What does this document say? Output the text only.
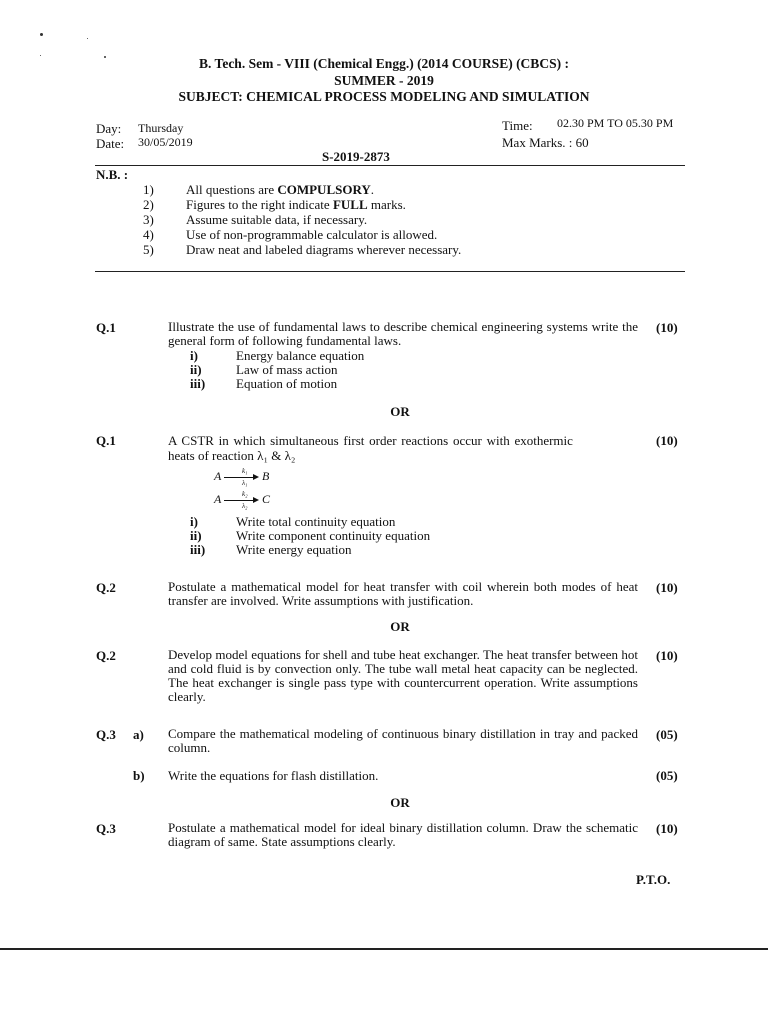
B. Tech. Sem - VIII (Chemical Engg.) (2014 COURSE) (CBCS) :
SUMMER - 2019
SUBJECT: CHEMICAL PROCESS MODELING AND SIMULATION
Day: Thursday
Date: 30/05/2019
Time: 02.30 PM TO 05.30 PM
Max Marks. : 60
S-2019-2873
N.B. :
1) All questions are COMPULSORY.
2) Figures to the right indicate FULL marks.
3) Assume suitable data, if necessary.
4) Use of non-programmable calculator is allowed.
5) Draw neat and labeled diagrams wherever necessary.
Q.1	Illustrate the use of fundamental laws to describe chemical engineering systems write the general form of following fundamental laws.
(10)
i)	Energy balance equation
ii)	Law of mass action
iii) Equation of motion
OR
Q.1	A CSTR in which simultaneous first order reactions occur with exothermic
heats of reaction λ₁ & λ₂
(10)
A	k₁
λ₁ B
A	k₂
λ₂ C
i)	Write total continuity equation
ii)	Write component continuity equation
iii) Write energy equation
Q.2	Postulate a mathematical model for heat transfer with coil wherein both modes of heat transfer are involved. Write assumptions with justification.
(10)
OR
Q.2	Develop model equations for shell and tube heat exchanger. The heat transfer between hot and cold fluid is by convection only. The tube wall metal heat capacity can be neglected. The heat exchanger is single pass type with countercurrent operation. Write assumptions clearly.
(10)
Q.3 a) Compare the mathematical modeling of continuous binary distillation in tray and packed column.
(05)
b) Write the equations for flash distillation.	(05)
OR
Q.3	Postulate a mathematical model for ideal binary distillation column. Draw the schematic diagram of same. State assumptions clearly.
(10)
P.T.O.
